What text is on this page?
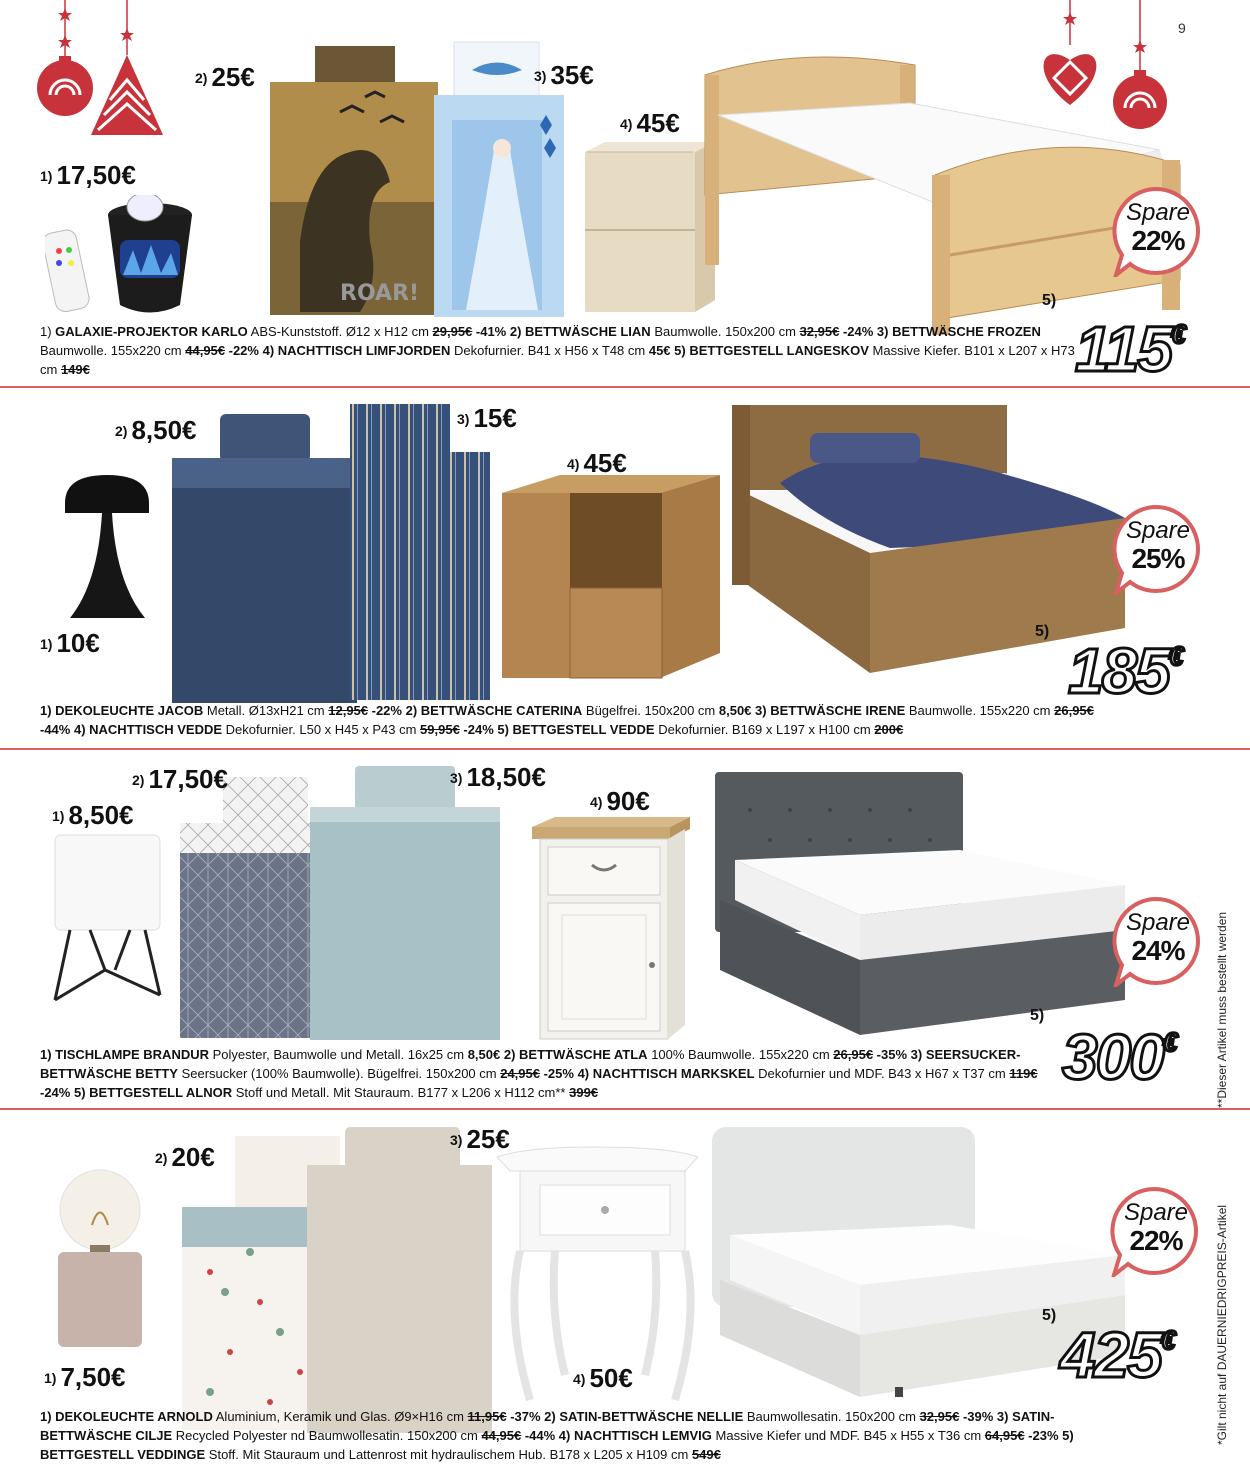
9
ROAR!
1) 17,50€
2) 25€	3) 35€
4) 45€
5)
Spare
22%
115€
1) GALAXIE-PROJEKTOR KARLO ABS-Kunststoff. Ø12 x H12 cm 29,95€ -41% 2) BETTWÄSCHE LIAN Baumwolle. 150x200 cm 32,95€ -24% 3) BETTWÄSCHE FROZEN Baumwolle. 155x220 cm 44,95€ -22% 4) NACHTTISCH LIMFJORDEN Dekofurnier. B41 x H56 x T48 cm 45€ 5) BETTGESTELL LANGESKOV Massive Kiefer. B101 x L207 x H73 cm 149€
1) 10€
2) 8,50€	3) 15€
4) 45€
5)
Spare
25%
185€
1) DEKOLEUCHTE JACOB Metall. Ø13xH21 cm 12,95€ -22% 2) BETTWÄSCHE CATERINA Bügelfrei. 150x200 cm 8,50€ 3) BETTWÄSCHE IRENE Baumwolle. 155x220 cm 26,95€ -44% 4) NACHTTISCH VEDDE Dekofurnier. L50 x H45 x P43 cm 59,95€ -24% 5) BETTGESTELL VEDDE Dekofurnier. B169 x L197 x H100 cm 200€
1) 8,50€
2) 17,50€	3) 18,50€
4) 90€
5)
Spare
24%
300€
1) TISCHLAMPE BRANDUR Polyester, Baumwolle und Metall. 16x25 cm 8,50€ 2) BETTWÄSCHE ATLA 100% Baumwolle. 155x220 cm 26,95€ -35% 3) SEERSUCKER-BETTWÄSCHE BETTY Seersucker (100% Baumwolle). Bügelfrei. 150x200 cm 24,95€ -25% 4) NACHTTISCH MARKSKEL Dekofurnier und MDF. B43 x H67 x T37 cm 119€ -24% 5) BETTGESTELL ALNOR Stoff und Metall. Mit Stauraum. B177 x L206 x H112 cm** 399€
1) 7,50€
2) 20€
3) 25€
4) 50€
5)
Spare
22%
425€
1) DEKOLEUCHTE ARNOLD Aluminium, Keramik und Glas. Ø9×H16 cm 11,95€ -37% 2) SATIN-BETTWÄSCHE NELLIE Baumwollesatin. 150x200 cm 32,95€ -39% 3) SATIN-BETTWÄSCHE CILJE Recycled Polyester nd Baumwollesatin. 150x200 cm 44,95€ -44% 4) NACHTTISCH LEMVIG Massive Kiefer und MDF. B45 x H55 x T36 cm 64,95€ -23% 5) BETTGESTELL VEDDINGE Stoff. Mit Stauraum und Lattenrost mit hydraulischem Hub. B178 x L205 x H109 cm 549€
**Dieser Artikel muss bestellt werden
*Gilt nicht auf DAUERNIEDRIGPREIS-Artikel
